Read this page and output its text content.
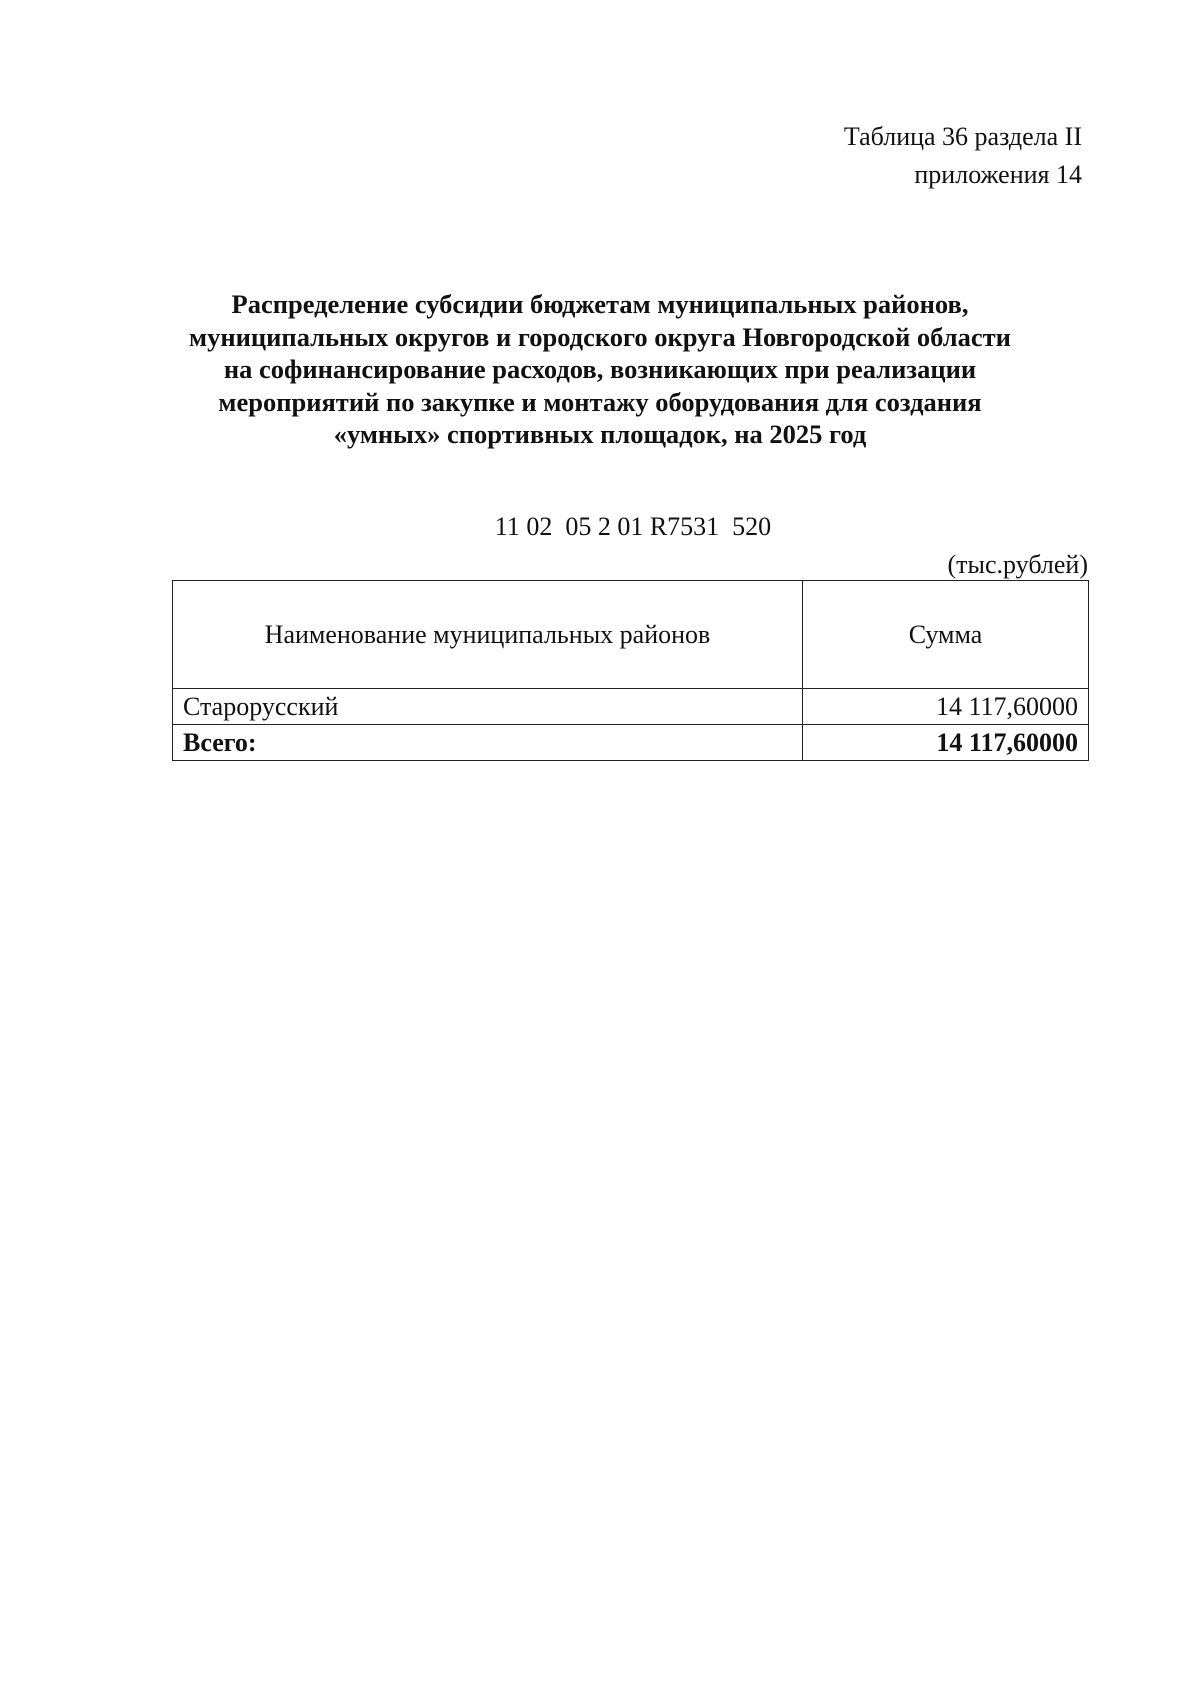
Таблица 36 раздела II
приложения 14
Распределение субсидии бюджетам муниципальных районов,
муниципальных округов и городского округа Новгородской области
на софинансирование расходов, возникающих при реализации
мероприятий по закупке и монтажу оборудования для создания
«умных» спортивных площадок, на 2025 год
11 02  05 2 01 R7531  520
(тыс.рублей)
Наименование муниципальных районов	Сумма
Старорусский	14 117,60000
Всего:	14 117,60000
